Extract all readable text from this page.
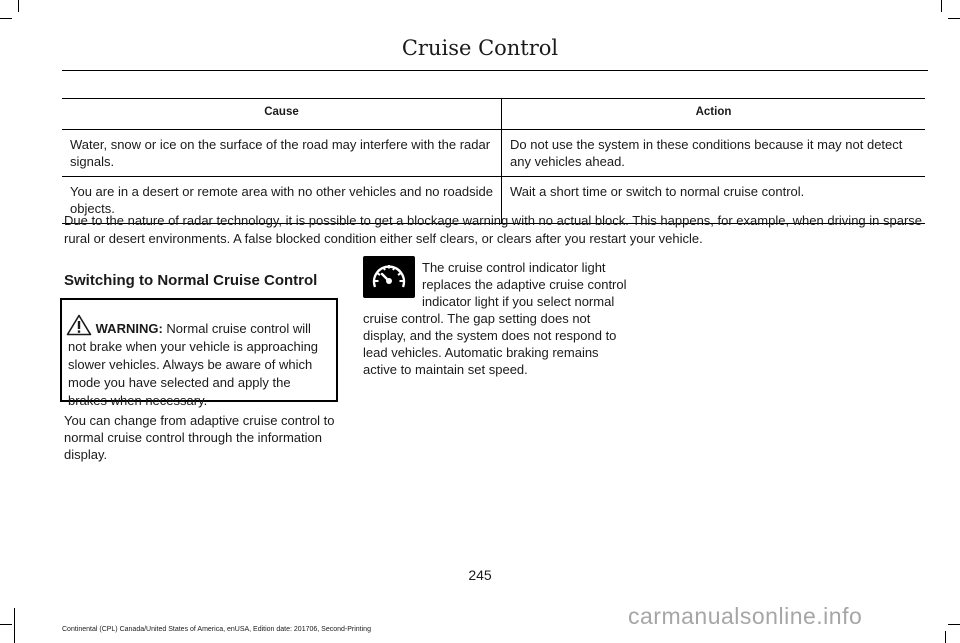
Cruise Control
Cause	Action
Water, snow or ice on the surface of the road may interfere with the radar signals.	Do not use the system in these conditions because it may not detect any vehicles ahead.
You are in a desert or remote area with no other vehicles and no roadside objects.	Wait a short time or switch to normal cruise control.
Due to the nature of radar technology, it is possible to get a blockage warning with no actual block. This happens, for example, when driving in sparse rural or desert environments. A false blocked condition either self clears, or clears after you restart your vehicle.
Switching to Normal Cruise Control
WARNING: Normal cruise control will not brake when your vehicle is approaching slower vehicles. Always be aware of which mode you have selected and apply the brakes when necessary.
You can change from adaptive cruise control to normal cruise control through the information display.
The cruise control indicator light replaces the adaptive cruise control indicator light if you select normal cruise control. The gap setting does not display, and the system does not respond to lead vehicles. Automatic braking remains active to maintain set speed.
245
Continental (CPL) Canada/United States of America, enUSA, Edition date: 201706, Second-Printing
carmanualsonline.info
